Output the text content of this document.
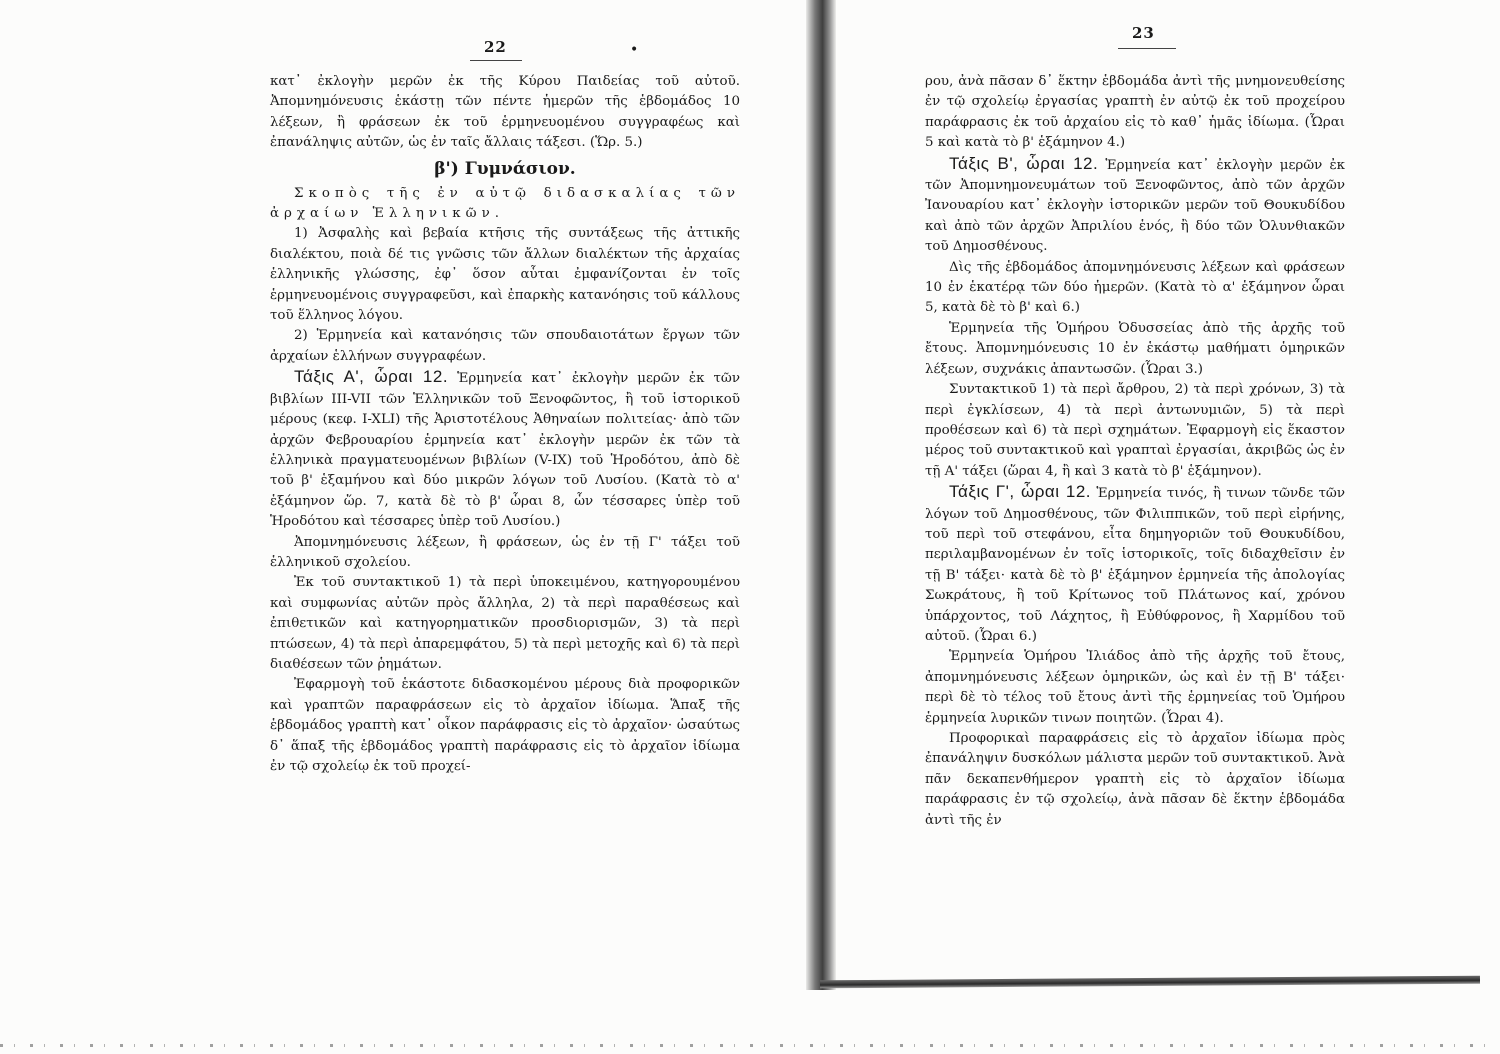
22	•

κατ᾽ ἐκλογὴν μερῶν ἐκ τῆς Κύρου Παιδείας τοῦ αὐτοῦ. Ἀπομνημόνευσις ἑκάστῃ τῶν πέντε ἡμερῶν τῆς ἑβδομάδος 10 λέξεων, ἢ φράσεων ἐκ τοῦ ἑρμηνευομένου συγγραφέως καὶ ἐπανάληψις αὐτῶν, ὡς ἐν ταῖς ἄλλαις τάξεσι. (Ὥρ. 5.)

β') Γυμνάσιον.

Σκοπὸς τῆς ἐν αὐτῷ διδασκαλίας τῶν ἀρχαίων Ἑλληνικῶν.

1) Ἀσφαλὴς καὶ βεβαία κτῆσις τῆς συντάξεως τῆς ἀττικῆς διαλέκτου, ποιὰ δέ τις γνῶσις τῶν ἄλλων διαλέκτων τῆς ἀρχαίας ἑλληνικῆς γλώσσης, ἐφ᾽ ὅσον αὗται ἐμφανίζονται ἐν τοῖς ἑρμηνευομένοις συγγραφεῦσι, καὶ ἐπαρκὴς κατανόησις τοῦ κάλλους τοῦ ἕλληνος λόγου.

2) Ἑρμηνεία καὶ κατανόησις τῶν σπουδαιοτάτων ἔργων τῶν ἀρχαίων ἑλλήνων συγγραφέων.

Τάξις Α', ὧραι 12. Ἑρμηνεία κατ᾽ ἐκλογὴν μερῶν ἐκ τῶν βιβλίων III-VII τῶν Ἑλληνικῶν τοῦ Ξενοφῶντος, ἢ τοῦ ἱστορικοῦ μέρους (κεφ. I-XLI) τῆς Ἀριστοτέλους Ἀθηναίων πολιτείας· ἀπὸ τῶν ἀρχῶν Φεβρουαρίου ἑρμηνεία κατ᾽ ἐκλογὴν μερῶν ἐκ τῶν τὰ ἑλληνικὰ πραγματευομένων βιβλίων (V-IX) τοῦ Ἡροδότου, ἀπὸ δὲ τοῦ β' ἑξαμήνου καὶ δύο μικρῶν λόγων τοῦ Λυσίου. (Κατὰ τὸ α' ἑξάμηνον ὥρ. 7, κατὰ δὲ τὸ β' ὧραι 8, ὧν τέσσαρες ὑπὲρ τοῦ Ἡροδότου καὶ τέσσαρες ὑπὲρ τοῦ Λυσίου.)

Ἀπομνημόνευσις λέξεων, ἢ φράσεων, ὡς ἐν τῇ Γ' τάξει τοῦ ἑλληνικοῦ σχολείου.

Ἐκ τοῦ συντακτικοῦ 1) τὰ περὶ ὑποκειμένου, κατηγορουμένου καὶ συμφωνίας αὐτῶν πρὸς ἄλληλα, 2) τὰ περὶ παραθέσεως καὶ ἐπιθετικῶν καὶ κατηγορηματικῶν προσδιορισμῶν, 3) τὰ περὶ πτώσεων, 4) τὰ περὶ ἀπαρεμφάτου, 5) τὰ περὶ μετοχῆς καὶ 6) τὰ περὶ διαθέσεων τῶν ῥημάτων.

Ἐφαρμογὴ τοῦ ἑκάστοτε διδασκομένου μέρους διὰ προφορικῶν καὶ γραπτῶν παραφράσεων εἰς τὸ ἀρχαῖον ἰδίωμα. Ἅπαξ τῆς ἑβδομάδος γραπτὴ κατ᾽ οἶκον παράφρασις εἰς τὸ ἀρχαῖον· ὡσαύτως δ᾽ ἅπαξ τῆς ἑβδομάδος γραπτὴ παράφρασις εἰς τὸ ἀρχαῖον ἰδίωμα ἐν τῷ σχολείῳ ἐκ τοῦ προχεί-

23

ρου, ἀνὰ πᾶσαν δ᾽ ἕκτην ἑβδομάδα ἀντὶ τῆς μνημονευθείσης ἐν τῷ σχολείῳ ἐργασίας γραπτὴ ἐν αὐτῷ ἐκ τοῦ προχείρου παράφρασις ἐκ τοῦ ἀρχαίου εἰς τὸ καθ᾽ ἡμᾶς ἰδίωμα. (Ὧραι 5 καὶ κατὰ τὸ β' ἑξάμηνον 4.)

Τάξις Β', ὧραι 12. Ἑρμηνεία κατ᾽ ἐκλογὴν μερῶν ἐκ τῶν Ἀπομνημονευμάτων τοῦ Ξενοφῶντος, ἀπὸ τῶν ἀρχῶν Ἰανουαρίου κατ᾽ ἐκλογὴν ἱστορικῶν μερῶν τοῦ Θουκυδίδου καὶ ἀπὸ τῶν ἀρχῶν Ἀπριλίου ἑνός, ἢ δύο τῶν Ὀλυνθιακῶν τοῦ Δημοσθένους.

Δὶς τῆς ἑβδομάδος ἀπομνημόνευσις λέξεων καὶ φράσεων 10 ἐν ἑκατέρᾳ τῶν δύο ἡμερῶν. (Κατὰ τὸ α' ἑξάμηνον ὧραι 5, κατὰ δὲ τὸ β' καὶ 6.)

Ἑρμηνεία τῆς Ὁμήρου Ὀδυσσείας ἀπὸ τῆς ἀρχῆς τοῦ ἔτους. Ἀπομνημόνευσις 10 ἐν ἑκάστῳ μαθήματι ὁμηρικῶν λέξεων, συχνάκις ἀπαντωσῶν. (Ὧραι 3.)

Συντακτικοῦ 1) τὰ περὶ ἄρθρου, 2) τὰ περὶ χρόνων, 3) τὰ περὶ ἐγκλίσεων, 4) τὰ περὶ ἀντωνυμιῶν, 5) τὰ περὶ προθέσεων καὶ 6) τὰ περὶ σχημάτων. Ἐφαρμογὴ εἰς ἕκαστον μέρος τοῦ συντακτικοῦ καὶ γραπταὶ ἐργασίαι, ἀκριβῶς ὡς ἐν τῇ Α' τάξει (ὥραι 4, ἢ καὶ 3 κατὰ τὸ β' ἑξάμηνον).

Τάξις Γ', ὧραι 12. Ἑρμηνεία τινός, ἢ τινων τῶνδε τῶν λόγων τοῦ Δημοσθένους, τῶν Φιλιππικῶν, τοῦ περὶ εἰρήνης, τοῦ περὶ τοῦ στεφάνου, εἶτα δημηγοριῶν τοῦ Θουκυδίδου, περιλαμβανομένων ἐν τοῖς ἱστορικοῖς, τοῖς διδαχθεῖσιν ἐν τῇ Β' τάξει· κατὰ δὲ τὸ β' ἑξάμηνον ἑρμηνεία τῆς ἀπολογίας Σωκράτους, ἢ τοῦ Κρίτωνος τοῦ Πλάτωνος καί, χρόνου ὑπάρχοντος, τοῦ Λάχητος, ἢ Εὐθύφρονος, ἢ Χαρμίδου τοῦ αὐτοῦ. (Ὧραι 6.)

Ἑρμηνεία Ὁμήρου Ἰλιάδος ἀπὸ τῆς ἀρχῆς τοῦ ἔτους, ἀπομνημόνευσις λέξεων ὁμηρικῶν, ὡς καὶ ἐν τῇ Β' τάξει· περὶ δὲ τὸ τέλος τοῦ ἔτους ἀντὶ τῆς ἑρμηνείας τοῦ Ὁμήρου ἑρμηνεία λυρικῶν τινων ποιητῶν. (Ὧραι 4).

Προφορικαὶ παραφράσεις εἰς τὸ ἀρχαῖον ἰδίωμα πρὸς ἐπανάληψιν δυσκόλων μάλιστα μερῶν τοῦ συντακτικοῦ. Ἀνὰ πᾶν δεκαπενθήμερον γραπτὴ εἰς τὸ ἀρχαῖον ἰδίωμα παράφρασις ἐν τῷ σχολείῳ, ἀνὰ πᾶσαν δὲ ἕκτην ἑβδομάδα ἀντὶ τῆς ἐν
